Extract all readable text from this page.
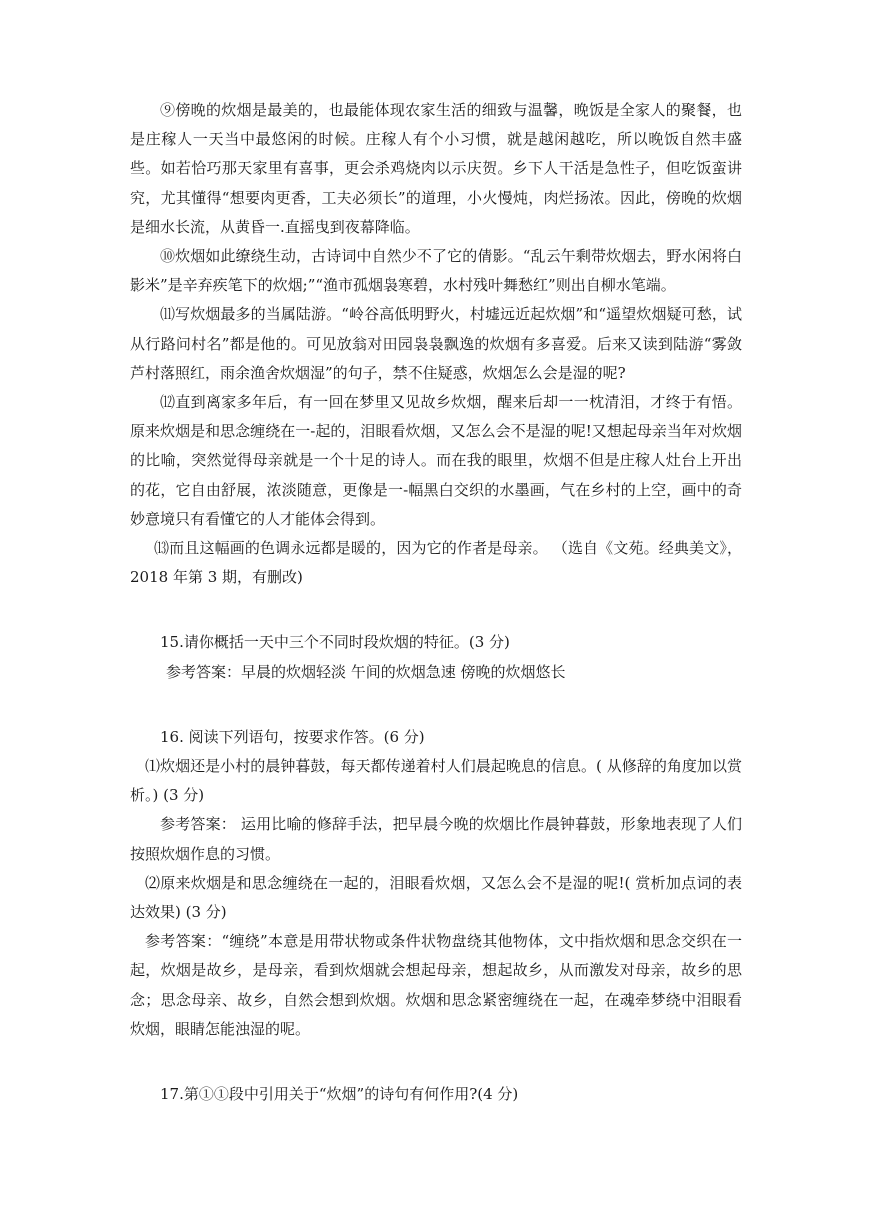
⑨傍晚的炊烟是最美的，也最能体现农家生活的细致与温馨，晚饭是全家人的聚餐，也是庄稼人一天当中最悠闲的时候。庄稼人有个小习惯，就是越闲越吃，所以晚饭自然丰盛些。如若恰巧那天家里有喜事，更会杀鸡烧肉以示庆贺。乡下人干活是急性子，但吃饭蛮讲究，尤其懂得“想要肉更香，工夫必须长”的道理，小火慢炖，肉烂扬浓。因此，傍晚的炊烟是细水长流，从黄昏一.直摇曳到夜幕降临。

⑩炊烟如此缭绕生动，古诗词中自然少不了它的倩影。“乱云午剩带炊烟去，野水闲将白影米”是辛弃疾笔下的炊烟;”“渔市孤烟袅寒碧，水村残叶舞愁红”则出自柳水笔端。

⑾写炊烟最多的当属陆游。“岭谷高低明野火，村墟远近起炊烟”和“遥望炊烟疑可愁，试从行路问村名”都是他的。可见放翁对田园袅袅飘逸的炊烟有多喜爱。后来又读到陆游“雾敛芦村落照红，雨余渔舍炊烟湿”的句子，禁不住疑惑，炊烟怎么会是湿的呢?

⑿直到离家多年后，有一回在梦里又见故乡炊烟，醒来后却一一枕清泪，才终于有悟。原来炊烟是和思念缠绕在一-起的，泪眼看炊烟，又怎么会不是湿的呢!又想起母亲当年对炊烟的比喻，突然觉得母亲就是一个十足的诗人。而在我的眼里，炊烟不但是庄稼人灶台上开出的花，它自由舒展，浓淡随意，更像是一-幅黑白交织的水墨画，气在乡村的上空，画中的奇妙意境只有看懂它的人才能体会得到。

⒀而且这幅画的色调永远都是暖的，因为它的作者是母亲。 （选自《文苑。经典美文》，2018 年第 3 期，有删改)

15.请你概括一天中三个不同时段炊烟的特征。(3 分)

参考答案：早晨的炊烟轻淡 午间的炊烟急速 傍晚的炊烟悠长

16. 阅读下列语句，按要求作答。(6 分)

⑴炊烟还是小村的晨钟暮鼓，每天都传递着村人们晨起晚息的信息。( 从修辞的角度加以赏析。) (3 分)

参考答案： 运用比喻的修辞手法，把早晨今晚的炊烟比作晨钟暮鼓，形象地表现了人们按照炊烟作息的习惯。

⑵原来炊烟是和思念缠绕在一起的，泪眼看炊烟，又怎么会不是湿的呢!( 赏析加点词的表达效果) (3 分)

参考答案：“缠绕”本意是用带状物或条件状物盘绕其他物体，文中指炊烟和思念交织在一起，炊烟是故乡，是母亲，看到炊烟就会想起母亲，想起故乡，从而激发对母亲，故乡的思念；思念母亲、故乡，自然会想到炊烟。炊烟和思念紧密缠绕在一起，在魂牵梦绕中泪眼看炊烟，眼睛怎能浊湿的呢。

17.第①①段中引用关于“炊烟”的诗句有何作用?(4 分)
